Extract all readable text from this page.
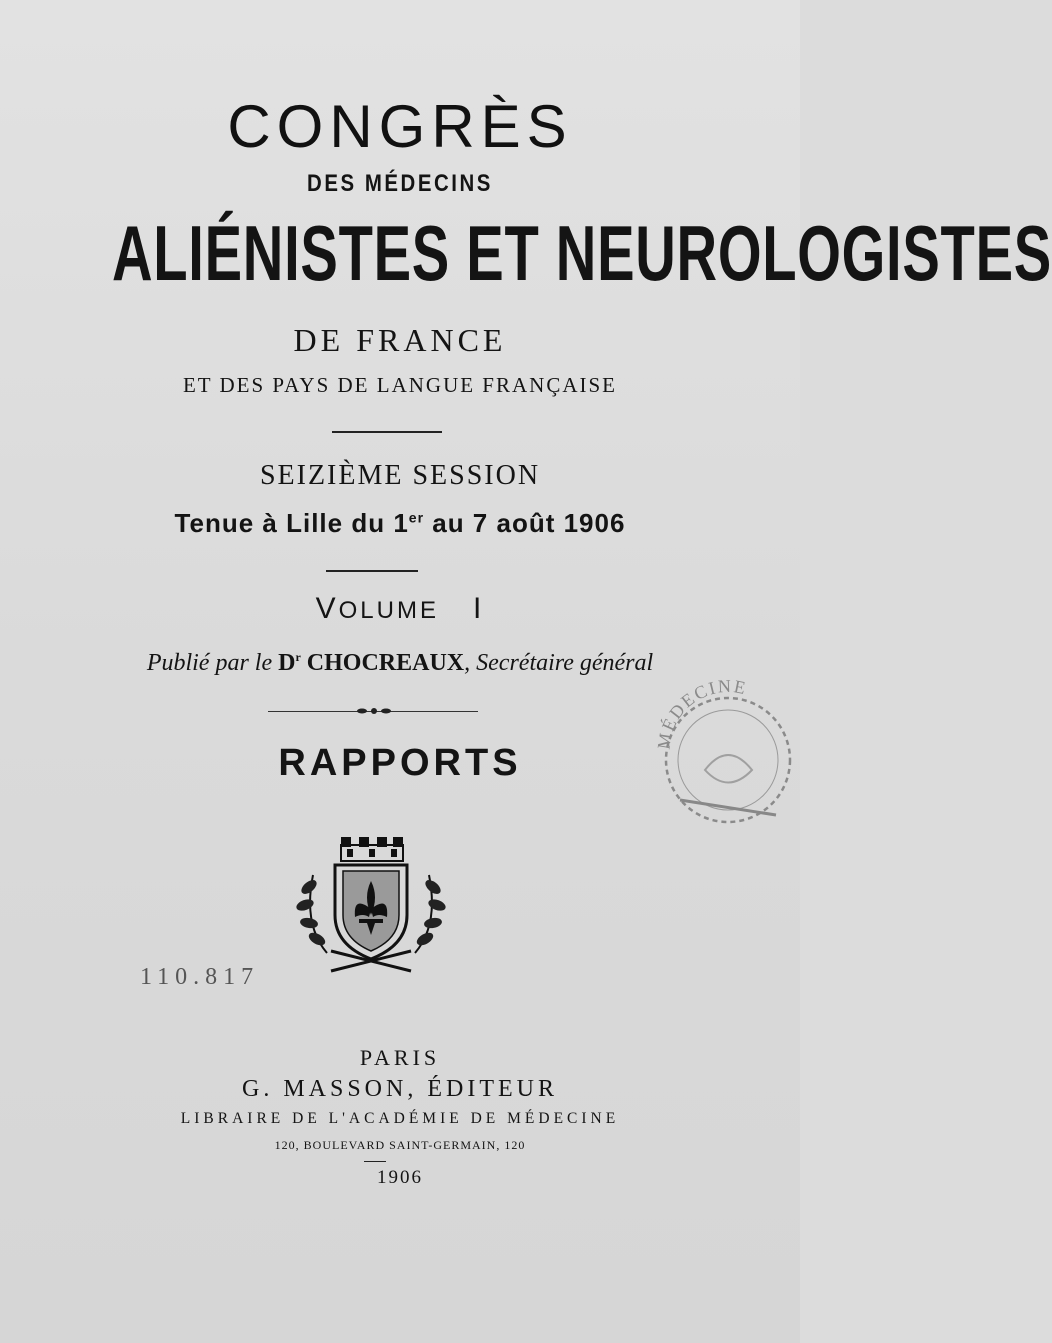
CONGRÈS
DES MÉDECINS
ALIÉNISTES ET NEUROLOGISTES
DE FRANCE
ET DES PAYS DE LANGUE FRANÇAISE
SEIZIÈME SESSION
Tenue à Lille du 1er au 7 août 1906
VOLUME I
Publié par le $D^r$ CHOCREAUX, Secrétaire général
RAPPORTS
MÉDECINE
110.817
PARIS
G. MASSON, ÉDITEUR
LIBRAIRE DE L'ACADÉMIE DE MÉDECINE
120, BOULEVARD SAINT-GERMAIN, 120
1906
